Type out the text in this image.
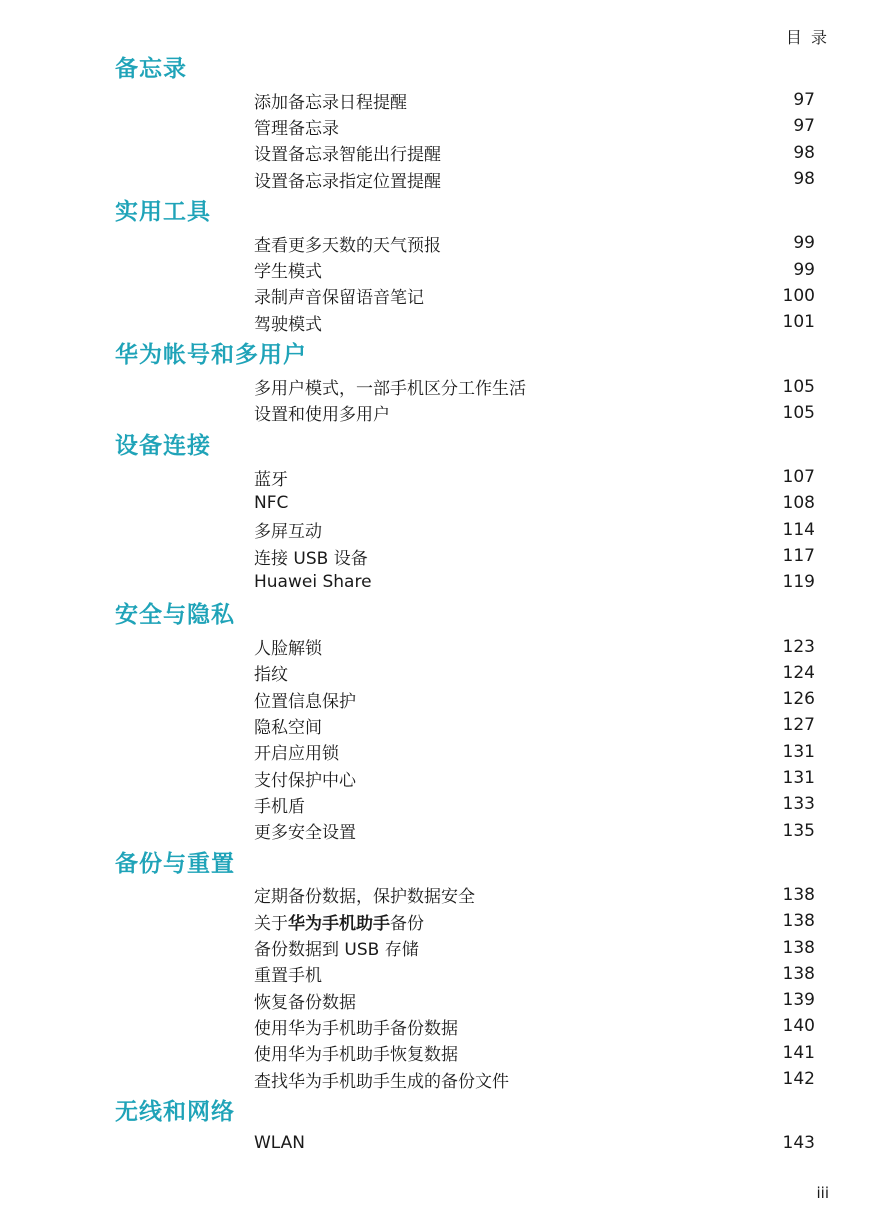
目 录
备忘录
添加备忘录日程提醒	97
管理备忘录	97
设置备忘录智能出行提醒	98
设置备忘录指定位置提醒	98
实用工具
查看更多天数的天气预报	99
学生模式	99
录制声音保留语音笔记	100
驾驶模式	101
华为帐号和多用户
多用户模式，一部手机区分工作生活	105
设置和使用多用户	105
设备连接
蓝牙	107
NFC	108
多屏互动	114
连接 USB 设备	117
Huawei Share	119
安全与隐私
人脸解锁	123
指纹	124
位置信息保护	126
隐私空间	127
开启应用锁	131
支付保护中心	131
手机盾	133
更多安全设置	135
备份与重置
定期备份数据，保护数据安全	138
关于华为手机助手备份	138
备份数据到 USB 存储	138
重置手机	138
恢复备份数据	139
使用华为手机助手备份数据	140
使用华为手机助手恢复数据	141
查找华为手机助手生成的备份文件	142
无线和网络
WLAN	143
iii
